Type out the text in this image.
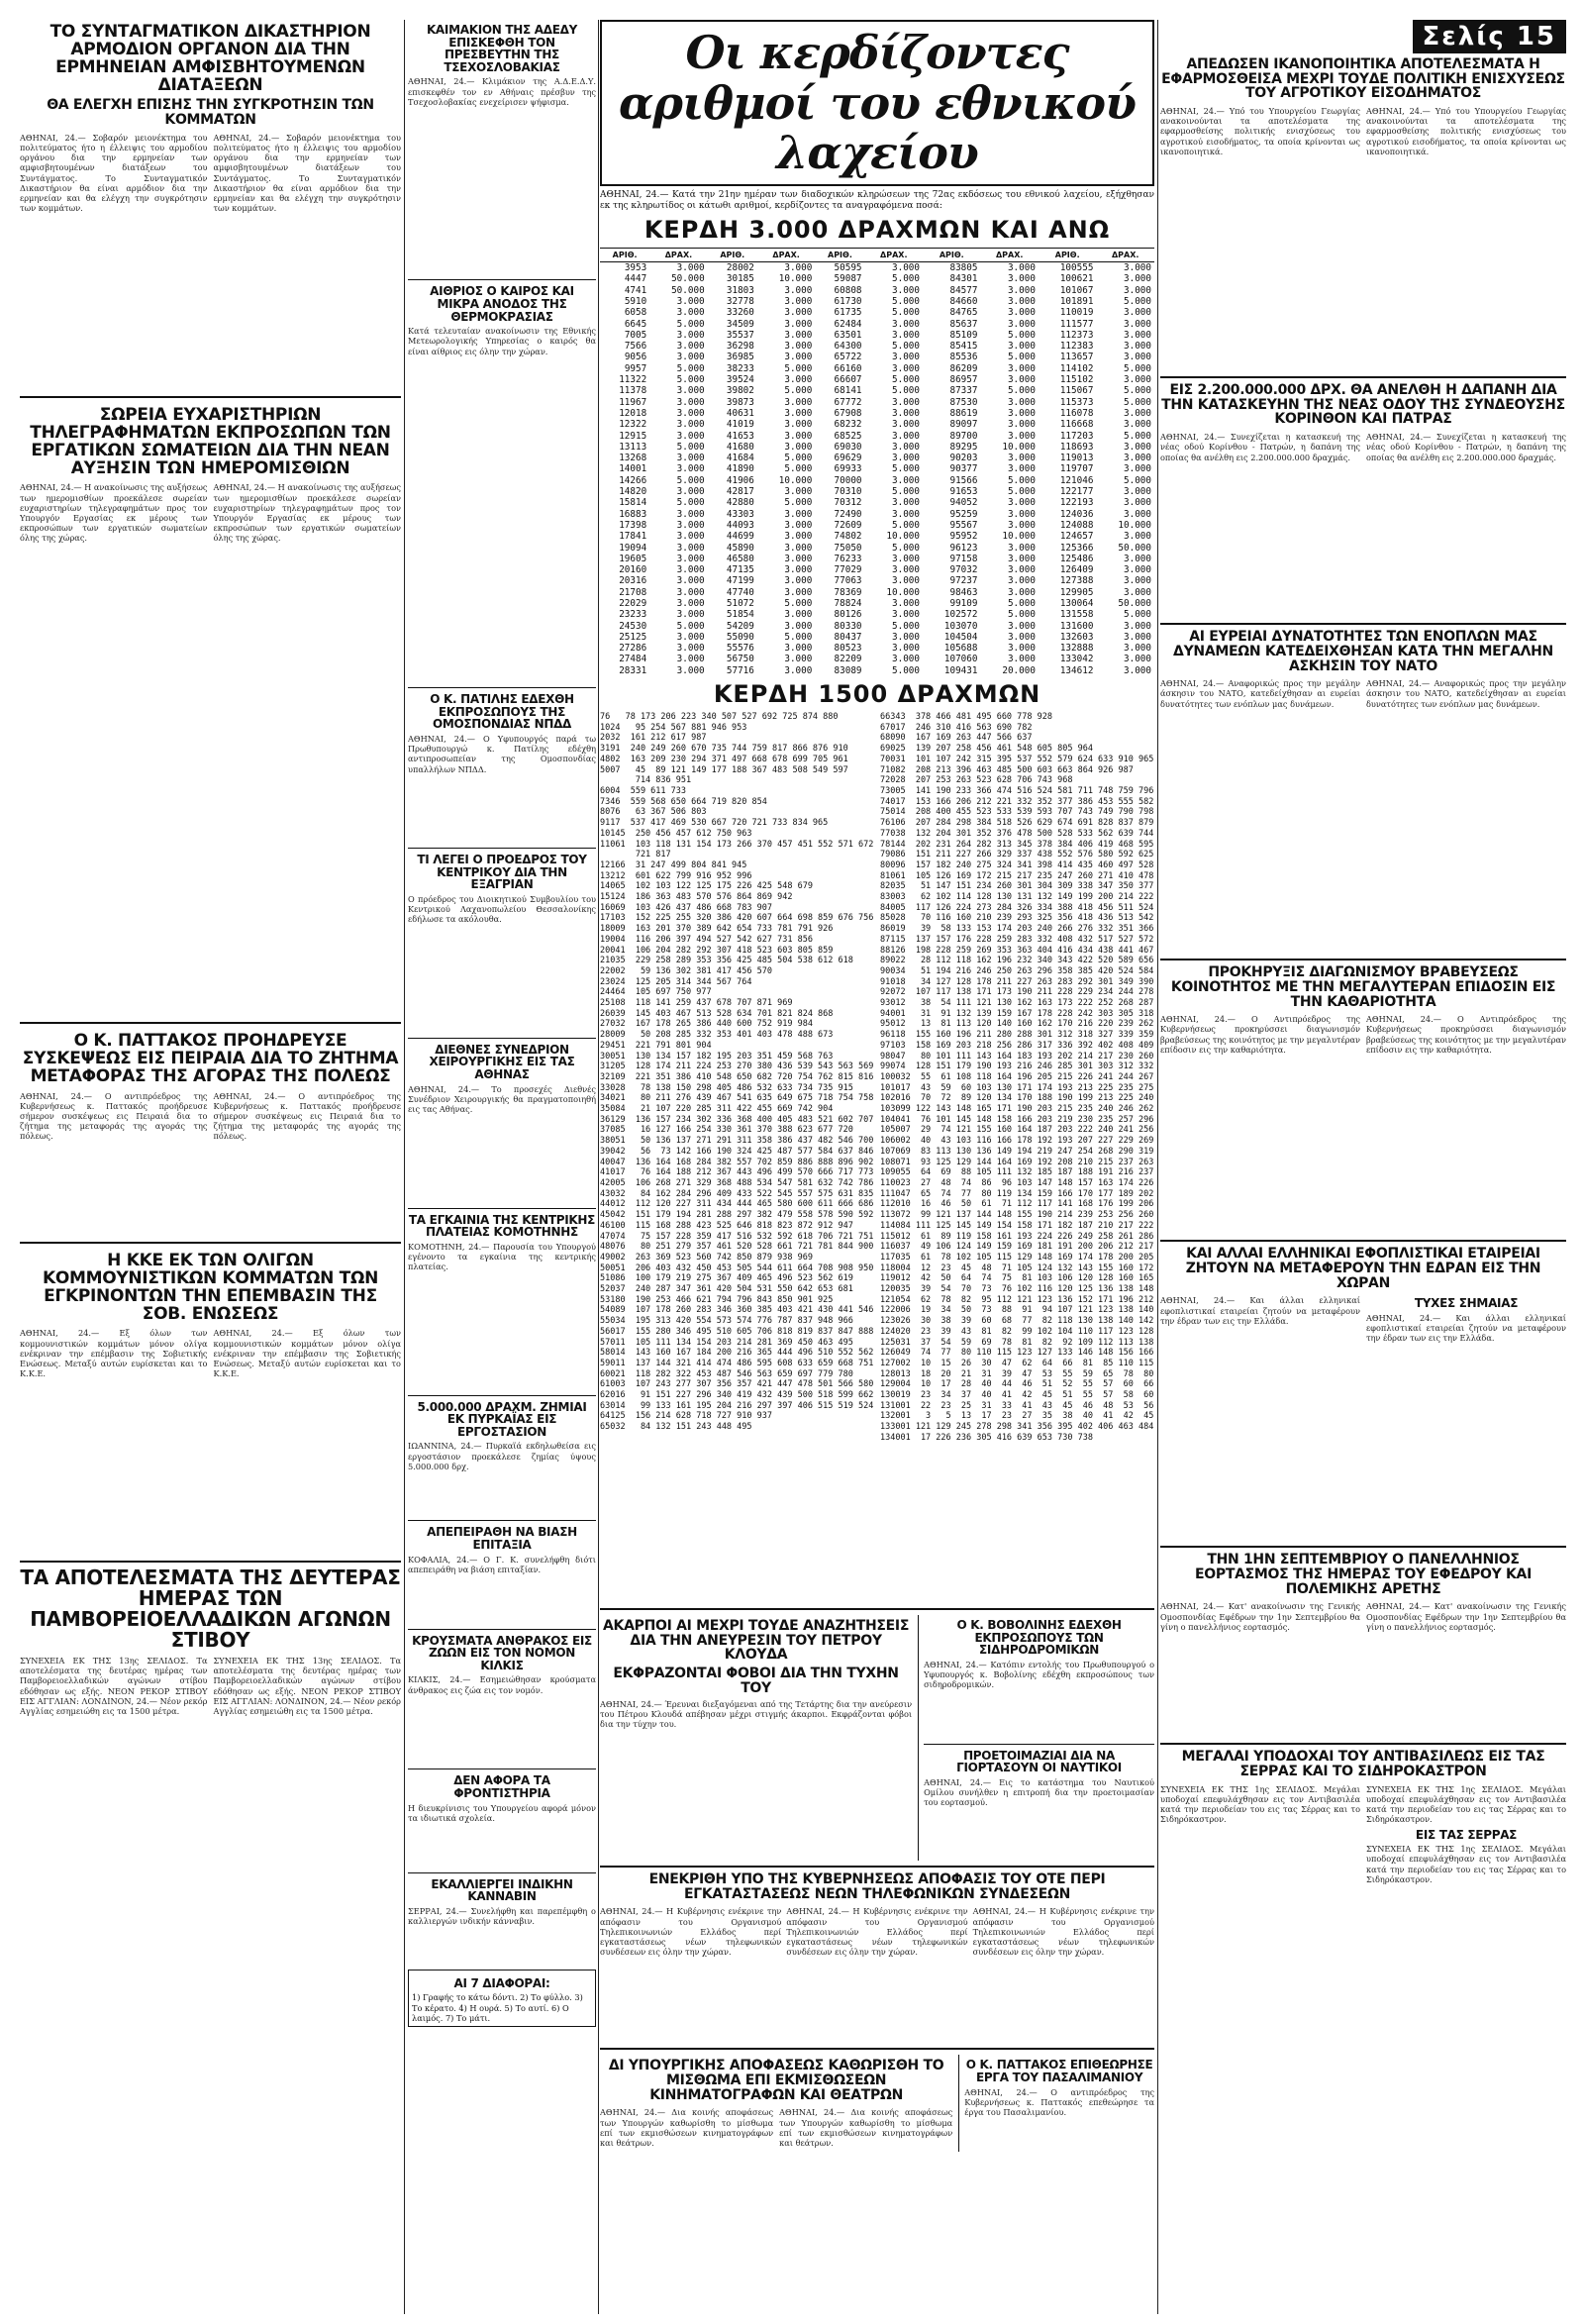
ΤΟ ΣΥΝΤΑΓΜΑΤΙΚΟΝ ΔΙΚΑΣΤΗΡΙΟΝ ΑΡΜΟΔΙΟΝ ΟΡΓΑΝΟΝ ΔΙΑ ΤΗΝ ΕΡΜΗΝΕΙΑΝ ΑΜΦΙΣΒΗΤΟΥΜΕΝΩΝ ΔΙΑΤΑΞΕΩΝ
ΘΑ ΕΛΕΓΧΗ ΕΠΙΣΗΣ ΤΗΝ ΣΥΓΚΡΟΤΗΣΙΝ ΤΩΝ ΚΟΜΜΑΤΩΝ
ΑΘΗΝΑΙ, 24.— Σοβαρόν μειονέκτημα του πολιτεύματος ήτο η έλλειψις του αρμοδίου οργάνου δια την ερμηνείαν των αμφισβητουμένων διατάξεων του Συντάγματος. Το Συνταγματικόν Δικαστήριον θα είναι αρμόδιον δια την ερμηνείαν και θα ελέγχη την συγκρότησιν των κομμάτων.
ΑΘΗΝΑΙ, 24.— Σοβαρόν μειονέκτημα του πολιτεύματος ήτο η έλλειψις του αρμοδίου οργάνου δια την ερμηνείαν των αμφισβητουμένων διατάξεων του Συντάγματος. Το Συνταγματικόν Δικαστήριον θα είναι αρμόδιον δια την ερμηνείαν και θα ελέγχη την συγκρότησιν των κομμάτων.
ΣΩΡΕΙΑ ΕΥΧΑΡΙΣΤΗΡΙΩΝ ΤΗΛΕΓΡΑΦΗΜΑΤΩΝ ΕΚΠΡΟΣΩΠΩΝ ΤΩΝ ΕΡΓΑΤΙΚΩΝ ΣΩΜΑΤΕΙΩΝ ΔΙΑ ΤΗΝ ΝΕΑΝ ΑΥΞΗΣΙΝ ΤΩΝ ΗΜΕΡΟΜΙΣΘΙΩΝ
ΑΘΗΝΑΙ, 24.— Η ανακοίνωσις της αυξήσεως των ημερομισθίων προεκάλεσε σωρείαν ευχαριστηρίων τηλεγραφημάτων προς τον Υπουργόν Εργασίας εκ μέρους των εκπροσώπων των εργατικών σωματείων όλης της χώρας.
ΑΘΗΝΑΙ, 24.— Η ανακοίνωσις της αυξήσεως των ημερομισθίων προεκάλεσε σωρείαν ευχαριστηρίων τηλεγραφημάτων προς τον Υπουργόν Εργασίας εκ μέρους των εκπροσώπων των εργατικών σωματείων όλης της χώρας.
Ο Κ. ΠΑΤΤΑΚΟΣ ΠΡΟΗΔΡΕΥΣΕ ΣΥΣΚΕΨΕΩΣ ΕΙΣ ΠΕΙΡΑΙΑ ΔΙΑ ΤΟ ΖΗΤΗΜΑ ΜΕΤΑΦΟΡΑΣ ΤΗΣ ΑΓΟΡΑΣ ΤΗΣ ΠΟΛΕΩΣ
ΑΘΗΝΑΙ, 24.— Ο αντιπρόεδρος της Κυβερνήσεως κ. Παττακός προήδρευσε σήμερον συσκέψεως εις Πειραιά δια το ζήτημα της μεταφοράς της αγοράς της πόλεως.
ΑΘΗΝΑΙ, 24.— Ο αντιπρόεδρος της Κυβερνήσεως κ. Παττακός προήδρευσε σήμερον συσκέψεως εις Πειραιά δια το ζήτημα της μεταφοράς της αγοράς της πόλεως.
Η ΚΚΕ ΕΚ ΤΩΝ ΟΛΙΓΩΝ ΚΟΜΜΟΥΝΙΣΤΙΚΩΝ ΚΟΜΜΑΤΩΝ ΤΩΝ ΕΓΚΡΙΝΟΝΤΩΝ ΤΗΝ ΕΠΕΜΒΑΣΙΝ ΤΗΣ ΣΟΒ. ΕΝΩΣΕΩΣ
ΑΘΗΝΑΙ, 24.— Εξ όλων των κομμουνιστικών κομμάτων μόνον ολίγα ενέκριναν την επέμβασιν της Σοβιετικής Ενώσεως. Μεταξύ αυτών ευρίσκεται και το Κ.Κ.Ε.
ΑΘΗΝΑΙ, 24.— Εξ όλων των κομμουνιστικών κομμάτων μόνον ολίγα ενέκριναν την επέμβασιν της Σοβιετικής Ενώσεως. Μεταξύ αυτών ευρίσκεται και το Κ.Κ.Ε.
ΤΑ ΑΠΟΤΕΛΕΣΜΑΤΑ ΤΗΣ ΔΕΥΤΕΡΑΣ ΗΜΕΡΑΣ ΤΩΝ ΠΑΜΒΟΡΕΙΟΕΛΛΑΔΙΚΩΝ ΑΓΩΝΩΝ ΣΤΙΒΟΥ
ΣΥΝΕΧΕΙΑ ΕΚ ΤΗΣ 13ης ΣΕΛΙΔΟΣ. Τα αποτελέσματα της δευτέρας ημέρας των Παμβορειοελλαδικών αγώνων στίβου εδόθησαν ως εξής. ΝΕΟΝ ΡΕΚΟΡ ΣΤΙΒΟΥ ΕΙΣ ΑΓΓΛΙΑΝ: ΛΟΝΔΙΝΟΝ, 24.— Νέον ρεκόρ Αγγλίας εσημειώθη εις τα 1500 μέτρα.
ΣΥΝΕΧΕΙΑ ΕΚ ΤΗΣ 13ης ΣΕΛΙΔΟΣ. Τα αποτελέσματα της δευτέρας ημέρας των Παμβορειοελλαδικών αγώνων στίβου εδόθησαν ως εξής. ΝΕΟΝ ΡΕΚΟΡ ΣΤΙΒΟΥ ΕΙΣ ΑΓΓΛΙΑΝ: ΛΟΝΔΙΝΟΝ, 24.— Νέον ρεκόρ Αγγλίας εσημειώθη εις τα 1500 μέτρα.
ΚΑΙΜΑΚΙΟΝ ΤΗΣ ΑΔΕΔΥ ΕΠΙΣΚΕΦΘΗ ΤΟΝ ΠΡΕΣΒΕΥΤΗΝ ΤΗΣ ΤΣΕΧΟΣΛΟΒΑΚΙΑΣ
ΑΘΗΝΑΙ, 24.— Κλιμάκιον της Α.Δ.Ε.Δ.Υ. επισκεφθέν τον εν Αθήναις πρέσβυν της Τσεχοσλοβακίας ενεχείρισεν ψήφισμα.
ΑΙΘΡΙΟΣ Ο ΚΑΙΡΟΣ ΚΑΙ ΜΙΚΡΑ ΑΝΟΔΟΣ ΤΗΣ ΘΕΡΜΟΚΡΑΣΙΑΣ
Κατά τελευταίαν ανακοίνωσιν της Εθνικής Μετεωρολογικής Υπηρεσίας ο καιρός θα είναι αίθριος εις όλην την χώραν.
Ο Κ. ΠΑΤΙΛΗΣ ΕΔΕΧΘΗ ΕΚΠΡΟΣΩΠΟΥΣ ΤΗΣ ΟΜΟΣΠΟΝΔΙΑΣ ΝΠΔΔ
ΑΘΗΝΑΙ, 24.— Ο Υφυπουργός παρά τω Πρωθυπουργώ κ. Πατίλης εδέχθη αντιπροσωπείαν της Ομοσπονδίας υπαλλήλων ΝΠΔΔ.
ΤΙ ΛΕΓΕΙ Ο ΠΡΟΕΔΡΟΣ ΤΟΥ ΚΕΝΤΡΙΚΟΥ ΔΙΑ ΤΗΝ ΕΞΑΓΡΙΑΝ
Ο πρόεδρος του Διοικητικού Συμβουλίου του Κεντρικού Λαχανοπωλείου Θεσσαλονίκης εδήλωσε τα ακόλουθα.
ΔΙΕΘΝΕΣ ΣΥΝΕΔΡΙΟΝ ΧΕΙΡΟΥΡΓΙΚΗΣ ΕΙΣ ΤΑΣ ΑΘΗΝΑΣ
ΑΘΗΝΑΙ, 24.— Το προσεχές Διεθνές Συνέδριον Χειρουργικής θα πραγματοποιηθή εις τας Αθήνας.
ΤΑ ΕΓΚΑΙΝΙΑ ΤΗΣ ΚΕΝΤΡΙΚΗΣ ΠΛΑΤΕΙΑΣ ΚΟΜΟΤΗΝΗΣ
ΚΟΜΟΤΗΝΗ, 24.— Παρουσία του Υπουργού εγένοντο τα εγκαίνια της κεντρικής πλατείας.
5.000.000 ΔΡΑΧΜ. ΖΗΜΙΑΙ ΕΚ ΠΥΡΚΑΪΑΣ ΕΙΣ ΕΡΓΟΣΤΑΣΙΟΝ
ΙΩΑΝΝΙΝΑ, 24.— Πυρκαϊά εκδηλωθείσα εις εργοστάσιον προεκάλεσε ζημίας ύψους 5.000.000 δρχ.
ΑΠΕΠΕΙΡΑΘΗ ΝΑ ΒΙΑΣΗ ΕΠΙΤΑΞΙΑ
ΚΟΦΑΛΙΑ, 24.— Ο Γ. Κ. συνελήφθη διότι απεπειράθη να βιάση επιταξίαν.
ΚΡΟΥΣΜΑΤΑ ΑΝΘΡΑΚΟΣ ΕΙΣ ΖΩΩΝ ΕΙΣ ΤΟΝ ΝΟΜΟΝ ΚΙΛΚΙΣ
ΚΙΛΚΙΣ, 24.— Εσημειώθησαν κρούσματα άνθρακος εις ζώα εις τον νομόν.
ΔΕΝ ΑΦΟΡΑ ΤΑ ΦΡΟΝΤΙΣΤΗΡΙΑ
Η διευκρίνισις του Υπουργείου αφορά μόνον τα ιδιωτικά σχολεία.
ΕΚΑΛΛΙΕΡΓΕΙ ΙΝΔΙΚΗΝ ΚΑΝΝΑΒΙΝ
ΣΕΡΡΑΙ, 24.— Συνελήφθη και παρεπέμφθη ο καλλιεργών ινδικήν κάνναβιν.
ΑΙ 7 ΔΙΑΦΟΡΑΙ:
1) Γραφής το κάτω δόντι. 2) Το φύλλο. 3) Το κέρατο. 4) Η ουρά. 5) Το αυτί. 6) Ο λαιμός. 7) Το μάτι.
Οι κερδίζοντες αριθμοί του εθνικού λαχείου
ΑΘΗΝΑΙ, 24.— Κατά την 21ην ημέραν των διαδοχικών κληρώσεων της 72ας εκδόσεως του εθνικού λαχείου, εξήχθησαν εκ της κληρωτίδος οι κάτωθι αριθμοί, κερδίζοντες τα αναγραφόμενα ποσά:
ΚΕΡΔΗ 3.000 ΔΡΑΧΜΩΝ ΚΑΙ ΑΝΩ
ΑΡΙΘ.	ΔΡΑΧ.	ΑΡΙΘ.	ΔΡΑΧ.	ΑΡΙΘ.	ΔΡΑΧ.	ΑΡΙΘ.	ΔΡΑΧ.	ΑΡΙΘ.	ΔΡΑΧ.
3953	3.000	28002	3.000	50595	3.000	83805	3.000	100555	3.000
4447	50.000	30185	10.000	59087	5.000	84301	3.000	100621	3.000
4741	50.000	31803	3.000	60808	3.000	84577	3.000	101067	3.000
5910	3.000	32778	3.000	61730	5.000	84660	3.000	101891	5.000
6058	3.000	33260	3.000	61735	5.000	84765	3.000	110019	3.000
6645	5.000	34509	3.000	62484	3.000	85637	3.000	111577	3.000
7005	3.000	35537	3.000	63501	3.000	85109	5.000	112373	3.000
7566	3.000	36298	3.000	64300	5.000	85415	3.000	112383	3.000
9056	3.000	36985	3.000	65722	3.000	85536	5.000	113657	3.000
9957	5.000	38233	5.000	66160	3.000	86209	3.000	114102	5.000
11322	5.000	39524	3.000	66607	5.000	86957	3.000	115102	3.000
11378	3.000	39802	5.000	68141	5.000	87337	5.000	115067	5.000
11967	3.000	39873	3.000	67772	3.000	87530	3.000	115373	5.000
12018	3.000	40631	3.000	67908	3.000	88619	3.000	116078	3.000
12322	3.000	41019	3.000	68232	3.000	89097	3.000	116668	3.000
12915	3.000	41653	3.000	68525	3.000	89700	3.000	117203	5.000
13113	5.000	41680	3.000	69030	3.000	89295	10.000	118693	3.000
13268	3.000	41684	5.000	69629	3.000	90203	3.000	119013	3.000
14001	3.000	41890	5.000	69933	5.000	90377	3.000	119707	3.000
14266	5.000	41906	10.000	70000	3.000	91566	5.000	121046	5.000
14820	3.000	42817	3.000	70310	5.000	91653	5.000	122177	3.000
15814	5.000	42880	5.000	70312	3.000	94052	3.000	122193	3.000
16883	3.000	43303	3.000	72490	3.000	95259	3.000	124036	3.000
17398	3.000	44093	3.000	72609	5.000	95567	3.000	124088	10.000
17841	3.000	44699	3.000	74802	10.000	95952	10.000	124657	3.000
19094	3.000	45890	3.000	75050	5.000	96123	3.000	125366	50.000
19605	3.000	46580	3.000	76233	3.000	97158	3.000	125486	3.000
20160	3.000	47135	3.000	77029	3.000	97032	3.000	126409	3.000
20316	3.000	47199	3.000	77063	3.000	97237	3.000	127388	3.000
21708	3.000	47740	3.000	78369	10.000	98463	3.000	129905	3.000
22029	3.000	51072	5.000	78824	3.000	99109	5.000	130064	50.000
23233	3.000	51854	3.000	80126	3.000	102572	5.000	131558	5.000
24530	5.000	54209	3.000	80330	5.000	103070	3.000	131600	3.000
25125	3.000	55090	5.000	80437	3.000	104504	3.000	132603	3.000
27286	3.000	55576	3.000	80523	3.000	105688	3.000	132888	3.000
27484	3.000	56750	3.000	82209	3.000	107060	3.000	133042	3.000
28331	3.000	57716	3.000	83089	5.000	109431	20.000	134612	3.000
ΚΕΡΔΗ 1500 ΔΡΑΧΜΩΝ
76   78 173 206 223 340 507 527 692 725 874 880
1024   95 254 567 881 946 953
2032  161 212 617 987
3191  240 249 260 670 735 744 759 817 866 876 910
4802  163 209 230 294 371 497 668 678 699 705 961
5007   45  89 121 149 177 188 367 483 508 549 597
714 836 951
6004  559 611 733
7346  559 568 650 664 719 820 854
8076   63 367 506 803
9117  537 417 469 530 667 720 721 733 834 965
10145  250 456 457 612 750 963
11061  103 118 131 154 173 266 370 457 451 552 571 672
721 817
12166  31 247 499 804 841 945
13212  601 622 799 916 952 996
14065  102 103 122 125 175 226 425 548 679
15124  186 363 483 570 576 864 869 942
16069  103 426 437 486 668 783 907
17103  152 225 255 320 386 420 607 664 698 859 676 756
18009  163 201 370 389 642 654 733 781 791 926
19004  116 206 397 494 527 542 627 731 856
20041  106 204 282 292 307 418 523 603 805 859
21035  229 258 289 353 356 425 485 504 538 612 618
22002   59 136 302 381 417 456 570
23024  125 205 314 344 567 764
24464  105 697 750 977
25108  118 141 259 437 678 707 871 969
26039  145 403 467 513 528 634 701 821 824 868
27032  167 178 265 386 440 600 752 919 984
28009   50 208 285 332 353 401 403 478 488 673
29451  221 791 801 904
30051  130 134 157 182 195 203 351 459 568 763
31205  128 174 211 224 253 270 380 436 539 543 563 569
32109  221 351 386 410 548 650 682 720 754 762 815 816
33028   78 138 150 298 405 486 532 633 734 735 915
34021   80 211 276 439 467 541 635 649 675 718 754 758
35084   21 107 220 285 311 422 455 669 742 904
36129  136 157 234 302 336 368 400 405 483 521 602 707
37085   16 127 166 254 330 361 370 388 623 677 720
38051   50 136 137 271 291 311 358 386 437 482 546 700
39042   56  73 142 166 190 324 425 487 577 584 637 846
40047  136 164 168 284 382 557 702 859 886 888 896 902
41017   76 164 188 212 367 443 496 499 570 666 717 773
42005  106 268 271 329 368 488 534 547 581 632 742 786
43032   84 162 284 296 409 433 522 545 557 575 631 835
44012  112 120 227 311 434 444 465 580 600 611 666 686
45042  151 179 194 281 288 297 382 479 558 578 590 592
46100  115 168 288 423 525 646 818 823 872 912 947
47074   75 157 228 359 417 516 532 592 618 706 721 751
48076   80 251 279 357 461 520 528 661 721 781 844 900
49002  263 369 523 560 742 850 879 938 969
50051  206 403 432 450 453 505 544 611 664 708 908 950
51086  100 179 219 275 367 409 465 496 523 562 619
52037  240 287 347 361 420 504 531 550 642 653 681
53180  190 253 466 621 794 796 843 850 901 925
54089  107 178 260 283 346 360 385 403 421 430 441 546
55034  195 313 420 554 573 574 776 787 837 948 966
56017  155 280 346 495 510 605 706 818 819 837 847 888
57011  105 111 134 154 203 214 281 369 450 463 495
58014  143 160 167 184 200 216 365 444 496 510 552 562
59011  137 144 321 414 474 486 595 608 633 659 668 751
60021  118 282 322 453 487 546 563 659 697 779 780
61003  107 243 277 307 356 357 421 447 478 501 566 580
62016   91 151 227 296 340 419 432 439 500 518 599 662
63014   99 133 161 195 204 216 297 397 406 515 519 524
64125  156 214 628 718 727 910 937
65032   84 132 151 243 448 495
66343  378 466 481 495 660 778 928
67017  246 310 416 563 690 782
68090  167 169 263 447 566 637
69025  139 207 258 456 461 548 605 805 964
70031  101 107 242 315 395 537 552 579 624 633 910 965
71082  208 213 396 463 485 500 603 663 864 926 987
72028  207 253 263 523 628 706 743 968
73005  141 190 233 366 474 516 524 581 711 748 759 796
74017  153 166 206 212 221 332 352 377 386 453 555 582
75014  208 400 455 523 533 539 593 707 743 749 790 798
76106  207 284 298 384 518 526 629 674 691 828 837 879
77038  132 204 301 352 376 478 500 528 533 562 639 744
78144  202 231 264 282 313 345 378 384 406 419 468 595
79086  151 211 227 266 329 337 438 552 576 580 592 625
80096  157 182 240 275 324 341 398 414 435 460 497 528
81061  105 126 169 172 215 217 235 247 260 271 410 478
82035   51 147 151 234 260 301 304 309 338 347 350 377
83003   62 102 114 128 130 131 132 149 199 200 214 222
84005  117 126 224 273 284 326 334 388 418 456 511 524
85028   70 116 160 210 239 293 325 356 418 436 513 542
86019   39  58 133 153 174 203 240 266 276 332 351 366
87115  137 157 176 228 259 283 332 408 432 517 527 572
88126  198 228 259 269 353 363 404 416 434 438 441 467
89022   28 112 118 162 196 232 340 343 422 520 589 656
90034   51 194 216 246 250 263 296 358 385 420 524 584
91018   34 127 128 178 211 227 263 283 292 301 349 390
92072  107 117 138 171 173 190 211 228 229 234 244 278
93012   38  54 111 121 130 162 163 173 222 252 268 287
94001   31  91 132 139 159 167 178 228 242 303 305 318
95012   13  81 113 120 140 160 162 170 216 220 239 262
96118  155 160 196 211 280 288 301 312 318 327 339 359
97103  158 169 203 218 256 286 317 336 392 402 408 409
98047   80 101 111 143 164 183 193 202 214 217 230 260
99074  128 151 179 190 193 216 246 285 301 303 312 332
100032  55  61 108 118 164 196 205 215 226 241 244 267
101017  43  59  60 103 130 171 174 193 213 225 235 275
102016  70  72  89 120 134 170 188 190 199 213 225 240
103099 122 143 148 165 171 190 203 215 235 240 246 262
104041  76 101 145 148 158 166 203 219 230 235 257 296
105007  29  74 121 155 160 164 187 203 222 240 241 256
106002  40  43 103 116 166 178 192 193 207 227 229 269
107069  83 113 130 136 149 194 219 247 254 268 290 319
108071  93 125 129 144 164 169 192 208 210 215 237 263
109055  64  69  88 105 111 132 185 187 188 191 216 237
110023  27  48  74  86  96 103 147 148 157 163 174 226
111047  65  74  77  80 119 134 159 166 170 177 189 202
112010  16  46  50  61  71 112 117 141 168 176 199 206
113072  99 121 137 144 148 155 190 214 239 253 256 260
114084 111 125 145 149 154 158 171 182 187 210 217 222
115012  61  89 119 158 161 193 224 226 249 258 261 286
116037  49 106 124 149 159 169 181 191 200 206 212 217
117035  61  78 102 105 115 129 148 169 174 178 200 205
118004  12  23  45  48  71 105 124 132 143 155 160 172
119012  42  50  64  74  75  81 103 106 120 128 160 165
120035  39  54  70  73  76 102 116 120 125 136 138 148
121054  62  78  82  95 112 121 123 136 152 171 196 212
122006  19  34  50  73  88  91  94 107 121 123 138 140
123026  30  38  39  60  68  77  82 118 130 138 140 142
124020  23  39  43  81  82  99 102 104 110 117 123 128
125031  37  54  59  69  78  81  82  92 109 112 113 138
126049  74  77  80 110 115 123 127 133 146 148 156 166
127002  10  15  26  30  47  62  64  66  81  85 110 115
128013  18  20  21  31  39  47  53  55  59  65  78  80
129004  10  17  28  40  44  46  51  52  55  57  60  66
130019  23  34  37  40  41  42  45  51  55  57  58  60
131001  22  23  25  31  33  41  43  45  46  48  53  56
132001   3   5  13  17  23  27  35  38  40  41  42  45
133001 121 129 245 278 298 341 356 395 402 406 463 484
134001  17 226 236 305 416 639 653 730 738
ΑΚΑΡΠΟΙ ΑΙ ΜΕΧΡΙ ΤΟΥΔΕ ΑΝΑΖΗΤΗΣΕΙΣ ΔΙΑ ΤΗΝ ΑΝΕΥΡΕΣΙΝ ΤΟΥ ΠΕΤΡΟΥ ΚΛΟΥΔΑ
ΕΚΦΡΑΖΟΝΤΑΙ ΦΟΒΟΙ ΔΙΑ ΤΗΝ ΤΥΧΗΝ ΤΟΥ
ΑΘΗΝΑΙ, 24.— Έρευναι διεξαγόμεναι από της Τετάρτης δια την ανεύρεσιν του Πέτρου Κλουδά απέβησαν μέχρι στιγμής άκαρποι. Εκφράζονται φόβοι δια την τύχην του.
Ο Κ. ΒΟΒΟΛΙΝΗΣ ΕΔΕΧΘΗ ΕΚΠΡΟΣΩΠΟΥΣ ΤΩΝ ΣΙΔΗΡΟΔΡΟΜΙΚΩΝ
ΑΘΗΝΑΙ, 24.— Κατόπιν εντολής του Πρωθυπουργού ο Υφυπουργός κ. Βοβολίνης εδέχθη εκπροσώπους των σιδηροδρομικών.
ΠΡΟΕΤΟΙΜΑΖΙΑΙ ΔΙΑ ΝΑ ΓΙΟΡΤΑΣΟΥΝ ΟΙ ΝΑΥΤΙΚΟΙ
ΑΘΗΝΑΙ, 24.— Εις το κατάστημα του Ναυτικού Ομίλου συνήλθεν η επιτροπή δια την προετοιμασίαν του εορτασμού.
ΕΝΕΚΡΙΘΗ ΥΠΟ ΤΗΣ ΚΥΒΕΡΝΗΣΕΩΣ ΑΠΟΦΑΣΙΣ ΤΟΥ ΟΤΕ ΠΕΡΙ ΕΓΚΑΤΑΣΤΑΣΕΩΣ ΝΕΩΝ ΤΗΛΕΦΩΝΙΚΩΝ ΣΥΝΔΕΣΕΩΝ
ΑΘΗΝΑΙ, 24.— Η Κυβέρνησις ενέκρινε την απόφασιν του Οργανισμού Τηλεπικοινωνιών Ελλάδος περί εγκαταστάσεως νέων τηλεφωνικών συνδέσεων εις όλην την χώραν.
ΑΘΗΝΑΙ, 24.— Η Κυβέρνησις ενέκρινε την απόφασιν του Οργανισμού Τηλεπικοινωνιών Ελλάδος περί εγκαταστάσεως νέων τηλεφωνικών συνδέσεων εις όλην την χώραν.
ΑΘΗΝΑΙ, 24.— Η Κυβέρνησις ενέκρινε την απόφασιν του Οργανισμού Τηλεπικοινωνιών Ελλάδος περί εγκαταστάσεως νέων τηλεφωνικών συνδέσεων εις όλην την χώραν.
ΔΙ ΥΠΟΥΡΓΙΚΗΣ ΑΠΟΦΑΣΕΩΣ ΚΑΘΩΡΙΣΘΗ ΤΟ ΜΙΣΘΩΜΑ ΕΠΙ ΕΚΜΙΣΘΩΣΕΩΝ ΚΙΝΗΜΑΤΟΓΡΑΦΩΝ ΚΑΙ ΘΕΑΤΡΩΝ
ΑΘΗΝΑΙ, 24.— Δια κοινής αποφάσεως των Υπουργών καθωρίσθη το μίσθωμα επί των εκμισθώσεων κινηματογράφων και θεάτρων.
ΑΘΗΝΑΙ, 24.— Δια κοινής αποφάσεως των Υπουργών καθωρίσθη το μίσθωμα επί των εκμισθώσεων κινηματογράφων και θεάτρων.
Ο Κ. ΠΑΤΤΑΚΟΣ ΕΠΙΘΕΩΡΗΣΕ ΕΡΓΑ ΤΟΥ ΠΑΣΑΛΙΜΑΝΙΟΥ
ΑΘΗΝΑΙ, 24.— Ο αντιπρόεδρος της Κυβερνήσεως κ. Παττακός επεθεώρησε τα έργα του Πασαλιμανίου.
Σελίς 15
ΑΠΕΔΩΣΕΝ ΙΚΑΝΟΠΟΙΗΤΙΚΑ ΑΠΟΤΕΛΕΣΜΑΤΑ Η ΕΦΑΡΜΟΣΘΕΙΣΑ ΜΕΧΡΙ ΤΟΥΔΕ ΠΟΛΙΤΙΚΗ ΕΝΙΣΧΥΣΕΩΣ ΤΟΥ ΑΓΡΟΤΙΚΟΥ ΕΙΣΟΔΗΜΑΤΟΣ
ΑΘΗΝΑΙ, 24.— Υπό του Υπουργείου Γεωργίας ανακοινούνται τα αποτελέσματα της εφαρμοσθείσης πολιτικής ενισχύσεως του αγροτικού εισοδήματος, τα οποία κρίνονται ως ικανοποιητικά.
ΑΘΗΝΑΙ, 24.— Υπό του Υπουργείου Γεωργίας ανακοινούνται τα αποτελέσματα της εφαρμοσθείσης πολιτικής ενισχύσεως του αγροτικού εισοδήματος, τα οποία κρίνονται ως ικανοποιητικά.
ΕΙΣ 2.200.000.000 ΔΡΧ. ΘΑ ΑΝΕΛΘΗ Η ΔΑΠΑΝΗ ΔΙΑ ΤΗΝ ΚΑΤΑΣΚΕΥΗΝ ΤΗΣ ΝΕΑΣ ΟΔΟΥ ΤΗΣ ΣΥΝΔΕΟΥΣΗΣ ΚΟΡΙΝΘΟΝ ΚΑΙ ΠΑΤΡΑΣ
ΑΘΗΝΑΙ, 24.— Συνεχίζεται η κατασκευή της νέας οδού Κορίνθου - Πατρών, η δαπάνη της οποίας θα ανέλθη εις 2.200.000.000 δραχμάς.
ΑΘΗΝΑΙ, 24.— Συνεχίζεται η κατασκευή της νέας οδού Κορίνθου - Πατρών, η δαπάνη της οποίας θα ανέλθη εις 2.200.000.000 δραχμάς.
ΑΙ ΕΥΡΕΙΑΙ ΔΥΝΑΤΟΤΗΤΕΣ ΤΩΝ ΕΝΟΠΛΩΝ ΜΑΣ ΔΥΝΑΜΕΩΝ ΚΑΤΕΔΕΙΧΘΗΣΑΝ ΚΑΤΑ ΤΗΝ ΜΕΓΑΛΗΝ ΑΣΚΗΣΙΝ ΤΟΥ ΝΑΤΟ
ΑΘΗΝΑΙ, 24.— Αναφορικώς προς την μεγάλην άσκησιν του ΝΑΤΟ, κατεδείχθησαν αι ευρείαι δυνατότητες των ενόπλων μας δυνάμεων.
ΑΘΗΝΑΙ, 24.— Αναφορικώς προς την μεγάλην άσκησιν του ΝΑΤΟ, κατεδείχθησαν αι ευρείαι δυνατότητες των ενόπλων μας δυνάμεων.
ΠΡΟΚΗΡΥΞΙΣ ΔΙΑΓΩΝΙΣΜΟΥ ΒΡΑΒΕΥΣΕΩΣ ΚΟΙΝΟΤΗΤΟΣ ΜΕ ΤΗΝ ΜΕΓΑΛΥΤΕΡΑΝ ΕΠΙΔΟΣΙΝ ΕΙΣ ΤΗΝ ΚΑΘΑΡΙΟΤΗΤΑ
ΑΘΗΝΑΙ, 24.— Ο Αντιπρόεδρος της Κυβερνήσεως προκηρύσσει διαγωνισμόν βραβεύσεως της κοινότητος με την μεγαλυτέραν επίδοσιν εις την καθαριότητα.
ΑΘΗΝΑΙ, 24.— Ο Αντιπρόεδρος της Κυβερνήσεως προκηρύσσει διαγωνισμόν βραβεύσεως της κοινότητος με την μεγαλυτέραν επίδοσιν εις την καθαριότητα.
ΚΑΙ ΑΛΛΑΙ ΕΛΛΗΝΙΚΑΙ ΕΦΟΠΛΙΣΤΙΚΑΙ ΕΤΑΙΡΕΙΑΙ ΖΗΤΟΥΝ ΝΑ ΜΕΤΑΦΕΡΟΥΝ ΤΗΝ ΕΔΡΑΝ ΕΙΣ ΤΗΝ ΧΩΡΑΝ
ΑΘΗΝΑΙ, 24.— Και άλλαι ελληνικαί εφοπλιστικαί εταιρείαι ζητούν να μεταφέρουν την έδραν των εις την Ελλάδα.
ΤΥΧΕΣ ΣΗΜΑΙΑΣ
ΑΘΗΝΑΙ, 24.— Και άλλαι ελληνικαί εφοπλιστικαί εταιρείαι ζητούν να μεταφέρουν την έδραν των εις την Ελλάδα.
ΤΗΝ 1ΗΝ ΣΕΠΤΕΜΒΡΙΟΥ Ο ΠΑΝΕΛΛΗΝΙΟΣ ΕΟΡΤΑΣΜΟΣ ΤΗΣ ΗΜΕΡΑΣ ΤΟΥ ΕΦΕΔΡΟΥ ΚΑΙ ΠΟΛΕΜΙΚΗΣ ΑΡΕΤΗΣ
ΑΘΗΝΑΙ, 24.— Κατ' ανακοίνωσιν της Γενικής Ομοσπονδίας Εφέδρων την 1ην Σεπτεμβρίου θα γίνη ο πανελλήνιος εορτασμός.
ΑΘΗΝΑΙ, 24.— Κατ' ανακοίνωσιν της Γενικής Ομοσπονδίας Εφέδρων την 1ην Σεπτεμβρίου θα γίνη ο πανελλήνιος εορτασμός.
ΜΕΓΑΛΑΙ ΥΠΟΔΟΧΑΙ ΤΟΥ ΑΝΤΙΒΑΣΙΛΕΩΣ ΕΙΣ ΤΑΣ ΣΕΡΡΑΣ ΚΑΙ ΤΟ ΣΙΔΗΡΟΚΑΣΤΡΟΝ
ΣΥΝΕΧΕΙΑ ΕΚ ΤΗΣ 1ης ΣΕΛΙΔΟΣ. Μεγάλαι υποδοχαί επεφυλάχθησαν εις τον Αντιβασιλέα κατά την περιοδείαν του εις τας Σέρρας και το Σιδηρόκαστρον.
ΣΥΝΕΧΕΙΑ ΕΚ ΤΗΣ 1ης ΣΕΛΙΔΟΣ. Μεγάλαι υποδοχαί επεφυλάχθησαν εις τον Αντιβασιλέα κατά την περιοδείαν του εις τας Σέρρας και το Σιδηρόκαστρον.
ΕΙΣ ΤΑΣ ΣΕΡΡΑΣ
ΣΥΝΕΧΕΙΑ ΕΚ ΤΗΣ 1ης ΣΕΛΙΔΟΣ. Μεγάλαι υποδοχαί επεφυλάχθησαν εις τον Αντιβασιλέα κατά την περιοδείαν του εις τας Σέρρας και το Σιδηρόκαστρον.
